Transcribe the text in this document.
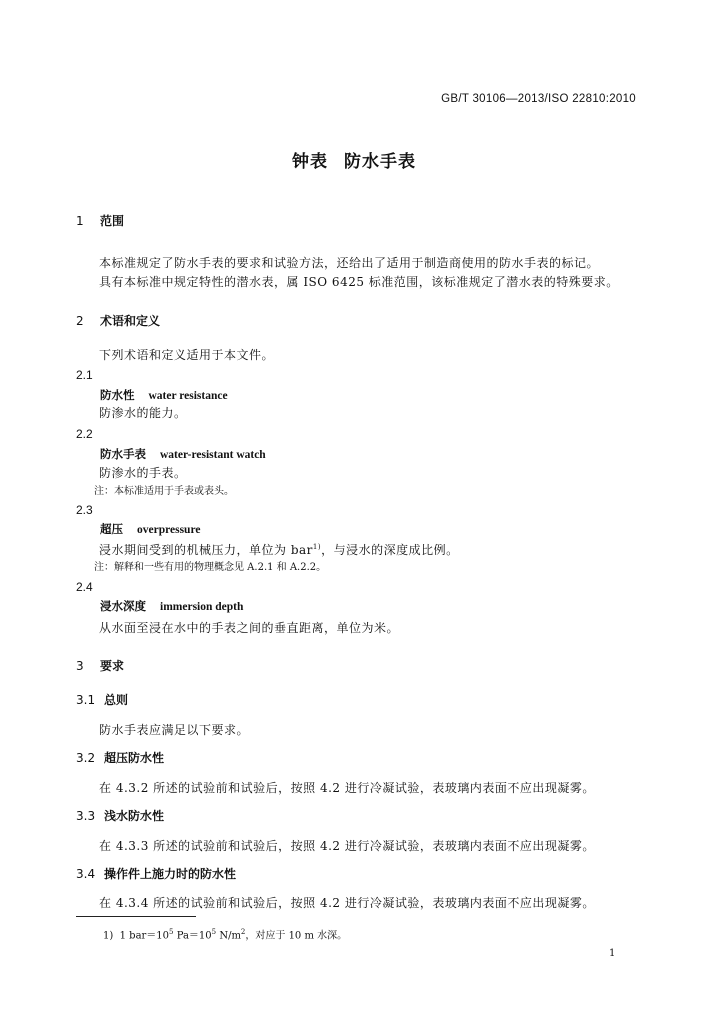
GB/T 30106—2013/ISO 22810:2010
钟表 防水手表
1 范围
本标准规定了防水手表的要求和试验方法，还给出了适用于制造商使用的防水手表的标记。
具有本标准中规定特性的潜水表，属 ISO 6425 标准范围，该标准规定了潜水表的特殊要求。
2 术语和定义
下列术语和定义适用于本文件。
2.1
防水性 water resistance
防渗水的能力。
2.2
防水手表 water-resistant watch
防渗水的手表。
注：本标准适用于手表或表头。
2.3
超压 overpressure
浸水期间受到的机械压力，单位为 bar$^{1)}$，与浸水的深度成比例。
注：解释和一些有用的物理概念见 A.2.1 和 A.2.2。
2.4
浸水深度 immersion depth
从水面至浸在水中的手表之间的垂直距离，单位为米。
3 要求
3.1 总则
防水手表应满足以下要求。
3.2 超压防水性
在 4.3.2 所述的试验前和试验后，按照 4.2 进行冷凝试验，表玻璃内表面不应出现凝雾。
3.3 浅水防水性
在 4.3.3 所述的试验前和试验后，按照 4.2 进行冷凝试验，表玻璃内表面不应出现凝雾。
3.4 操作件上施力时的防水性
在 4.3.4 所述的试验前和试验后，按照 4.2 进行冷凝试验，表玻璃内表面不应出现凝雾。
1) 1 $bar=10^5$ $Pa=10^5$ $N/m^2$，对应于 10 m 水深。
1
